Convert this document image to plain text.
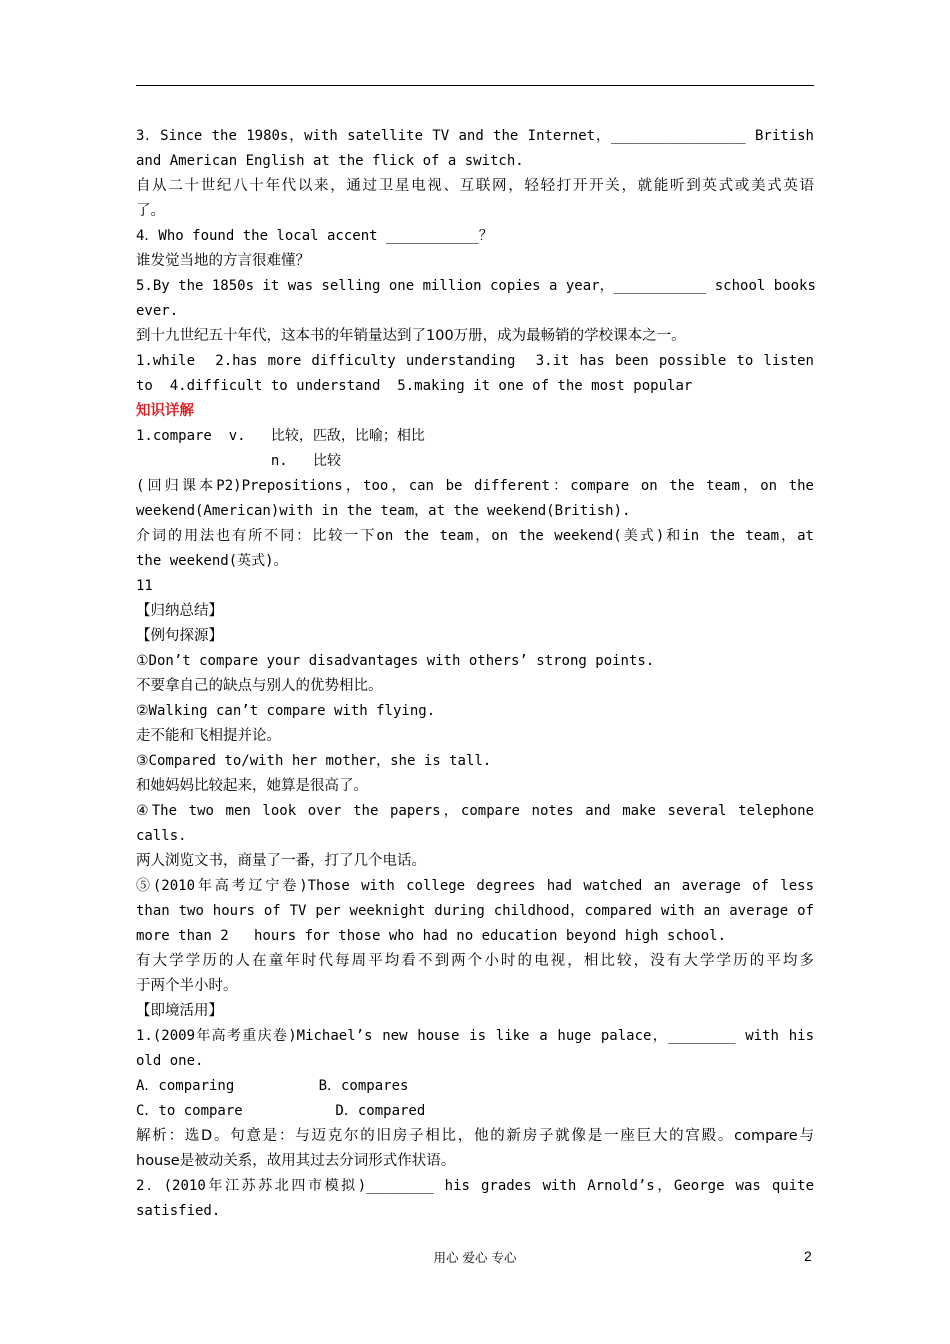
3．Since the 1980s，with satellite TV and the Internet，________________ British
and American English at the flick of a switch.
自从二十世纪八十年代以来，通过卫星电视、互联网，轻轻打开开关，就能听到英式或美式英语
了。
4．Who found the local accent ___________？
谁发觉当地的方言很难懂？
5.By the 1850s it was selling one million copies a year，___________ school books
ever.
到十九世纪五十年代，这本书的年销量达到了100万册，成为最畅销的学校课本之一。
1.while  2.has more difficulty understanding  3.it has been possible to listen
to  4.difficult to understand  5.making it one of the most popular
知识详解
1.compare  v.   比较，匹敌，比喻；相比
n.   比较
(回归课本P2)Prepositions，too，can be different：compare on the team，on the
weekend(American)with in the team，at the weekend(British).
介词的用法也有所不同：比较一下on the team，on the weekend(美式)和in the team，at
the weekend(英式)。
11
【归纳总结】
【例句探源】
①Don’t compare your disadvantages with others’ strong points.
不要拿自己的缺点与别人的优势相比。
②Walking can’t compare with flying.
走不能和飞相提并论。
③Compared to/with her mother，she is tall.
和她妈妈比较起来，她算是很高了。
④The two men look over the papers，compare notes and make several telephone
calls.
两人浏览文书，商量了一番，打了几个电话。
⑤(2010年高考辽宁卷)Those with college degrees had watched an average of less
than two hours of TV per weeknight during childhood，compared with an average of
more than 2   hours for those who had no education beyond high school.
有大学学历的人在童年时代每周平均看不到两个小时的电视，相比较，没有大学学历的平均多
于两个半小时。
【即境活用】
1.(2009年高考重庆卷)Michael’s new house is like a huge palace，________ with his
old one.
A．comparing          B．compares
C．to compare           D．compared
解析：选D。句意是：与迈克尔的旧房子相比，他的新房子就像是一座巨大的宫殿。compare与
house是被动关系，故用其过去分词形式作状语。
2．(2010年江苏苏北四市模拟)________ his grades with Arnold’s，George was quite
satisfied.
用心 爱心 专心	2
